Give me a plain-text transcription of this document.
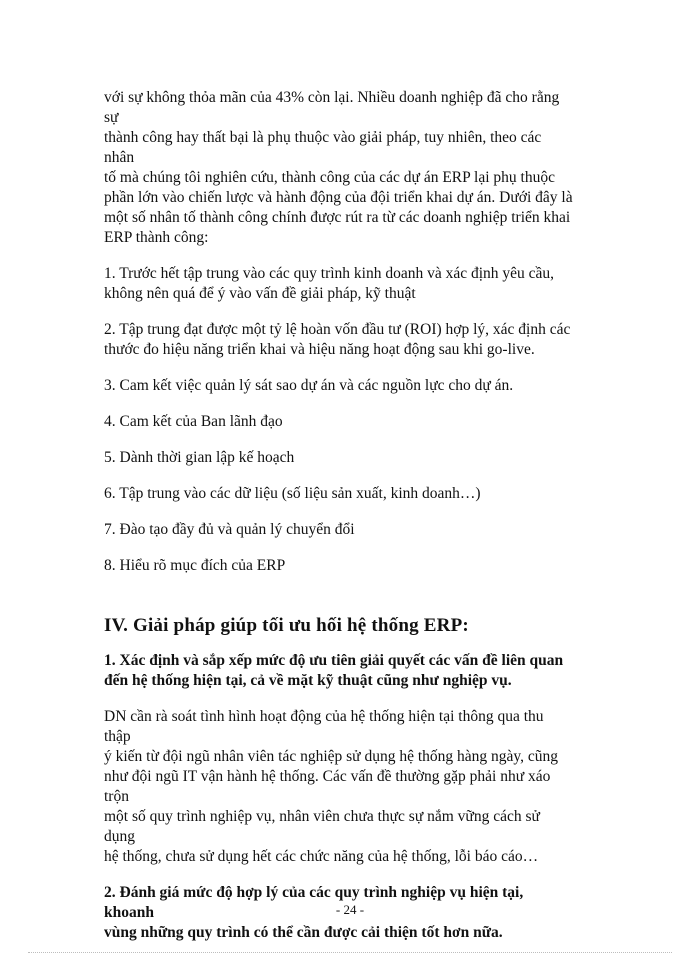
với sự không thỏa mãn của 43% còn lại. Nhiều doanh nghiệp đã cho rằng sự
thành công hay thất bại là phụ thuộc vào giải pháp, tuy nhiên, theo các nhân
tố mà chúng tôi nghiên cứu, thành công của các dự án ERP lại phụ thuộc
phần lớn vào chiến lược và hành động của đội triển khai dự án. Dưới đây là
một số nhân tố thành công chính được rút ra từ các doanh nghiệp triển khai
ERP thành công:

1. Trước hết tập trung vào các quy trình kinh doanh và xác định yêu cầu,
không nên quá để ý vào vấn đề giải pháp, kỹ thuật

2. Tập trung đạt được một tỷ lệ hoàn vốn đầu tư (ROI) hợp lý, xác định các
thước đo hiệu năng triển khai và hiệu năng hoạt động sau khi go-live.

3. Cam kết việc quản lý sát sao dự án và các nguồn lực cho dự án.

4. Cam kết của Ban lãnh đạo

5. Dành thời gian lập kế hoạch

6. Tập trung vào các dữ liệu (số liệu sản xuất, kinh doanh…)

7. Đào tạo đầy đủ và quản lý chuyển đổi

8. Hiểu rõ mục đích của ERP

IV. Giải pháp giúp tối ưu hối hệ thống ERP:

1. Xác định và sắp xếp mức độ ưu tiên giải quyết các vấn đề liên quan
đến hệ thống hiện tại, cả về mặt kỹ thuật cũng như nghiệp vụ.

DN cần rà soát tình hình hoạt động của hệ thống hiện tại thông qua thu thập
ý kiến từ đội ngũ nhân viên tác nghiệp sử dụng hệ thống hàng ngày, cũng
như đội ngũ IT vận hành hệ thống. Các vấn đề thường gặp phải như xáo trộn
một số quy trình nghiệp vụ, nhân viên chưa thực sự nắm vững cách sử dụng
hệ thống, chưa sử dụng hết các chức năng của hệ thống, lỗi báo cáo…

2. Đánh giá mức độ hợp lý của các quy trình nghiệp vụ hiện tại, khoanh
vùng những quy trình có thể cần được cải thiện tốt hơn nữa.

- 24 -
